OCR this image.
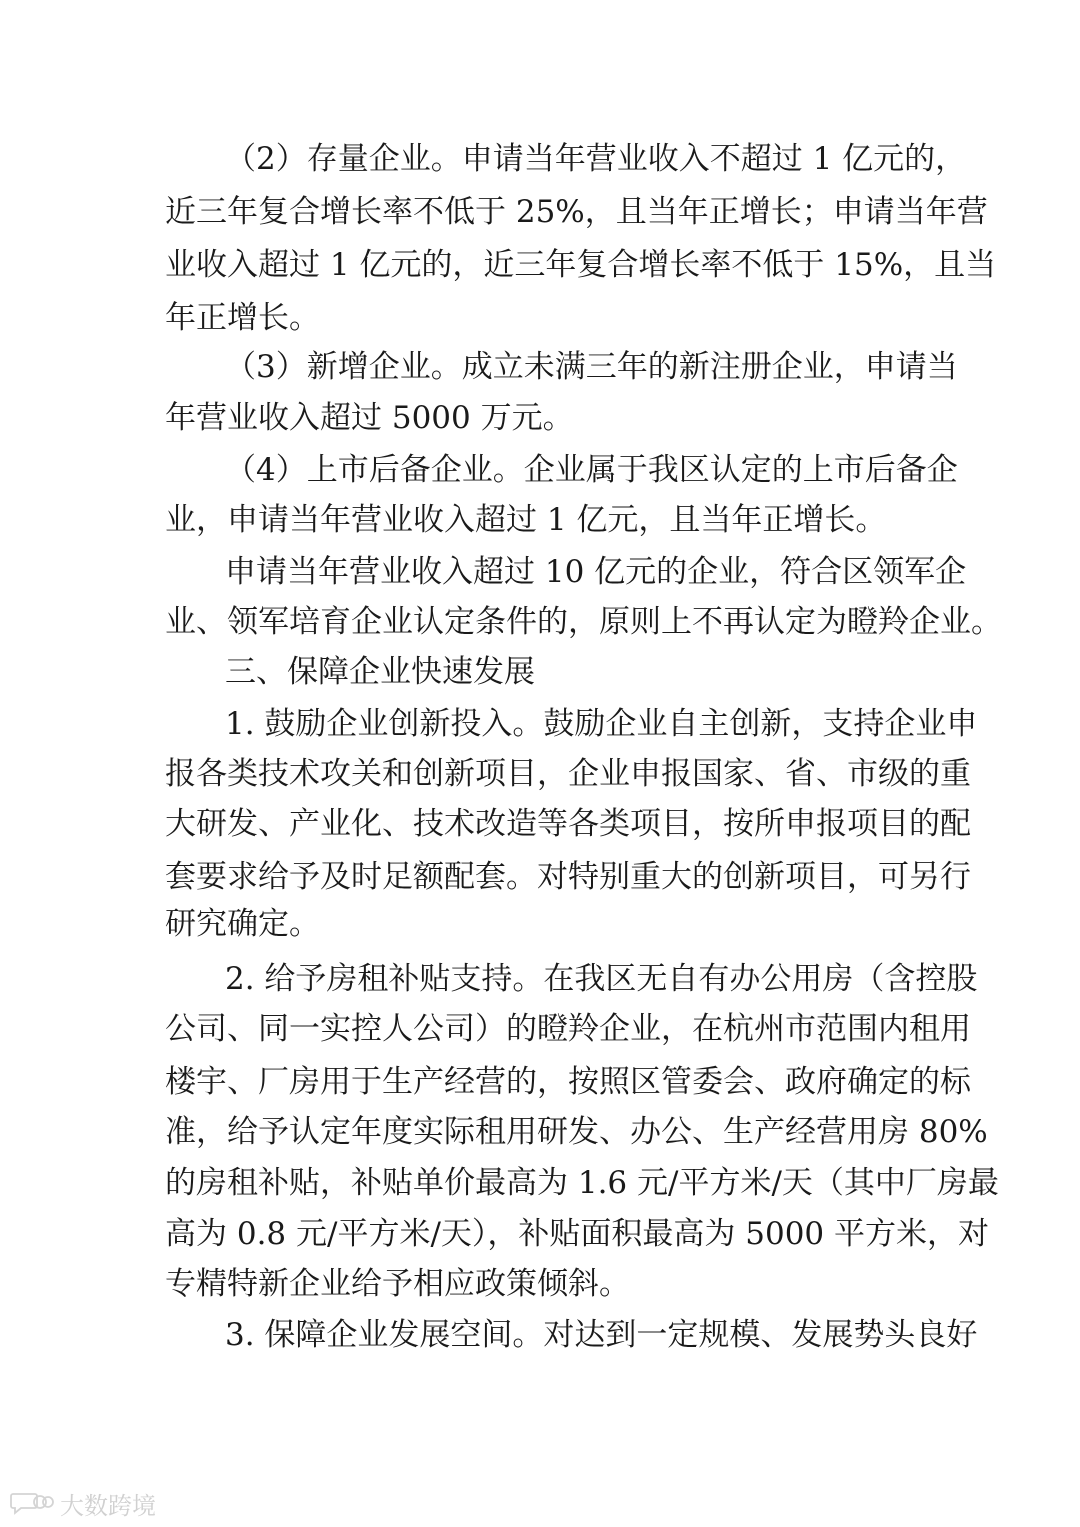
（2）存量企业。申请当年营业收入不超过 1 亿元的，
近三年复合增长率不低于 25%，且当年正增长；申请当年营
业收入超过 1 亿元的，近三年复合增长率不低于 15%，且当
年正增长。
（3）新增企业。成立未满三年的新注册企业，申请当
年营业收入超过 5000 万元。
（4）上市后备企业。企业属于我区认定的上市后备企
业，申请当年营业收入超过 1 亿元，且当年正增长。
申请当年营业收入超过 10 亿元的企业，符合区领军企
业、领军培育企业认定条件的，原则上不再认定为瞪羚企业。
三、保障企业快速发展
1. 鼓励企业创新投入。鼓励企业自主创新，支持企业申
报各类技术攻关和创新项目，企业申报国家、省、市级的重
大研发、产业化、技术改造等各类项目，按所申报项目的配
套要求给予及时足额配套。对特别重大的创新项目，可另行
研究确定。
2. 给予房租补贴支持。在我区无自有办公用房（含控股
公司、同一实控人公司）的瞪羚企业，在杭州市范围内租用
楼宇、厂房用于生产经营的，按照区管委会、政府确定的标
准，给予认定年度实际租用研发、办公、生产经营用房 80%
的房租补贴，补贴单价最高为 1.6 元/平方米/天（其中厂房最
高为 0.8 元/平方米/天），补贴面积最高为 5000 平方米，对
专精特新企业给予相应政策倾斜。
3. 保障企业发展空间。对达到一定规模、发展势头良好
大数跨境
